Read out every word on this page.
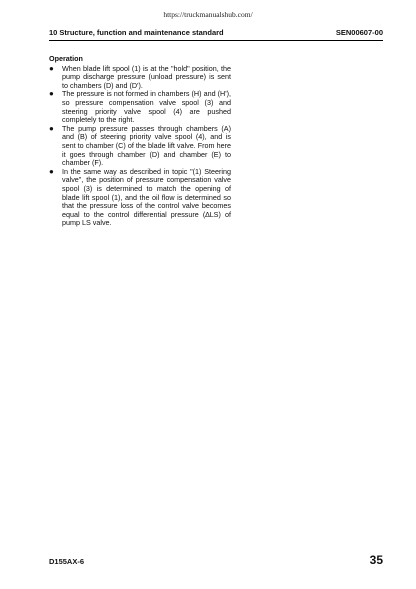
https://truckmanualshub.com/
10 Structure, function and maintenance standard	SEN00607-00
Operation
● When blade lift spool (1) is at the "hold" position, the pump discharge pressure (unload pressure) is sent to chambers (D) and (D').
● The pressure is not formed in chambers (H) and (H'), so pressure compensation valve spool (3) and steering priority valve spool (4) are pushed completely to the right.
● The pump pressure passes through chambers (A) and (B) of steering priority valve spool (4), and is sent to chamber (C) of the blade lift valve. From here it goes through chamber (D) and chamber (E) to chamber (F).
● In the same way as described in topic "(1) Steering valve", the position of pressure compensation valve spool (3) is determined to match the opening of blade lift spool (1), and the oil flow is determined so that the pressure loss of the control valve becomes equal to the control differential pressure (∆LS) of pump LS valve.
D155AX-6	35
